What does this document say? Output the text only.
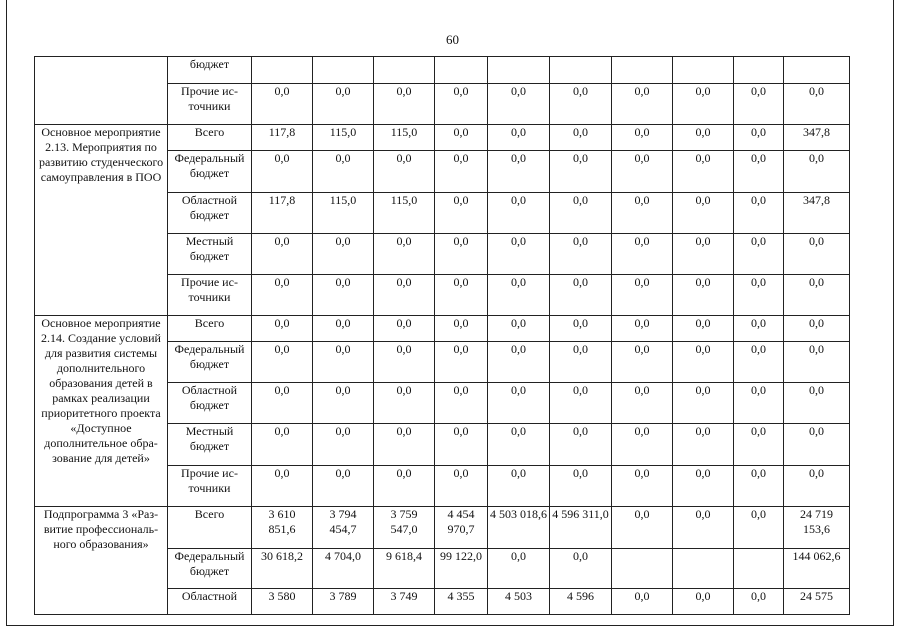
60
	бюджет										
	Прочие источники	0,0	0,0	0,0	0,0	0,0	0,0	0,0	0,0	0,0	0,0
Основное мероприятие 2.13. Мероприятия по развитию студенческого самоуправления в ПОО	Всего	117,8	115,0	115,0	0,0	0,0	0,0	0,0	0,0	0,0	347,8
	Федеральный бюджет	0,0	0,0	0,0	0,0	0,0	0,0	0,0	0,0	0,0	0,0
	Областной бюджет	117,8	115,0	115,0	0,0	0,0	0,0	0,0	0,0	0,0	347,8
	Местный бюджет	0,0	0,0	0,0	0,0	0,0	0,0	0,0	0,0	0,0	0,0
	Прочие источники	0,0	0,0	0,0	0,0	0,0	0,0	0,0	0,0	0,0	0,0
Основное мероприятие 2.14. Создание условий для развития системы дополнительного образования детей в рамках реализации приоритетного проекта «Доступное дополнительное образование для детей»	Всего	0,0	0,0	0,0	0,0	0,0	0,0	0,0	0,0	0,0	0,0
	Федеральный бюджет	0,0	0,0	0,0	0,0	0,0	0,0	0,0	0,0	0,0	0,0
	Областной бюджет	0,0	0,0	0,0	0,0	0,0	0,0	0,0	0,0	0,0	0,0
	Местный бюджет	0,0	0,0	0,0	0,0	0,0	0,0	0,0	0,0	0,0	0,0
	Прочие источники	0,0	0,0	0,0	0,0	0,0	0,0	0,0	0,0	0,0	0,0
Подпрограмма 3 «Развитие профессионального образования»	Всего	3 610 851,6	3 794 454,7	3 759 547,0	4 454 970,7	4 503 018,6	4 596 311,0	0,0	0,0	0,0	24 719 153,6
	Федеральный бюджет	30 618,2	4 704,0	9 618,4	99 122,0	0,0	0,0				144 062,6
	Областной	3 580	3 789	3 749	4 355	4 503	4 596	0,0	0,0	0,0	24 575
